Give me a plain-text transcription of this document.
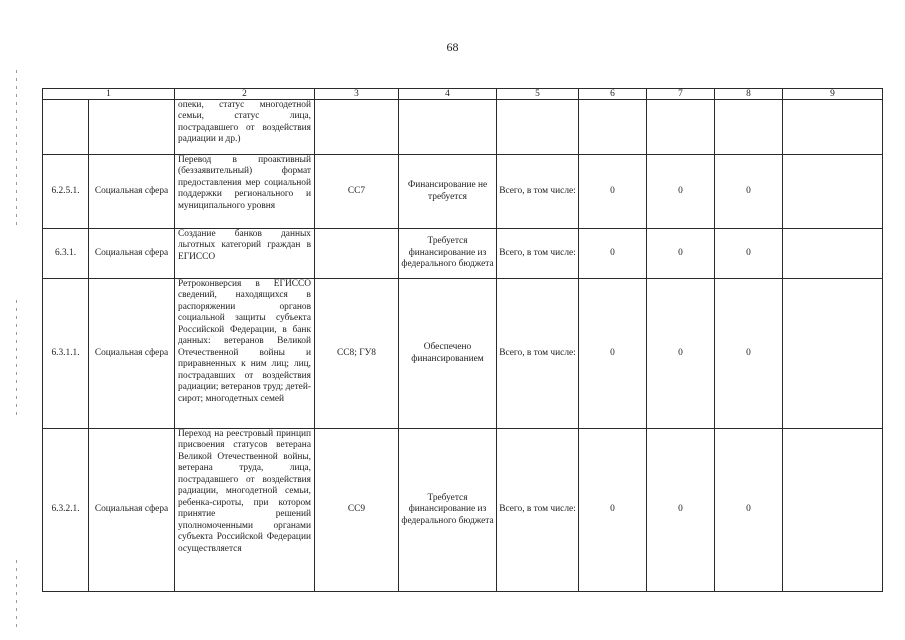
68
1		2	3	4	5	6	7	8	9
		опеки, статус многодетной семьи, статус лица, пострадавшего от воздействия радиации и др.)							
6.2.5.1.	Социальная сфера	Перевод в проактивный (беззаявительный) формат предоставления мер социальной поддержки регионального и муниципального уровня	СС7	Финансирование не требуется	Всего, в том числе:	0	0	0	
6.3.1.	Социальная сфера	Создание банков данных льготных категорий граждан в ЕГИССО		Требуется финансирование из федерального бюджета	Всего, в том числе:	0	0	0	
6.3.1.1.	Социальная сфера	Ретроконверсия в ЕГИССО сведений, находящихся в распоряжении органов социальной защиты субъекта Российской Федерации, в банк данных: ветеранов Великой Отечественной войны и приравненных к ним лиц; лиц, пострадавших от воздействия радиации; ветеранов труд; детей-сирот; многодетных семей	СС8; ГУ8	Обеспечено финансированием	Всего, в том числе:	0	0	0	
6.3.2.1.	Социальная сфера	Переход на реестровый принцип присвоения статусов ветерана Великой Отечественной войны, ветерана труда, лица, пострадавшего от воздействия радиации, многодетной семьи, ребенка-сироты, при котором принятие решений уполномоченными органами субъекта Российской Федерации осуществляется	СС9	Требуется финансирование из федерального бюджета	Всего, в том числе:	0	0	0	
